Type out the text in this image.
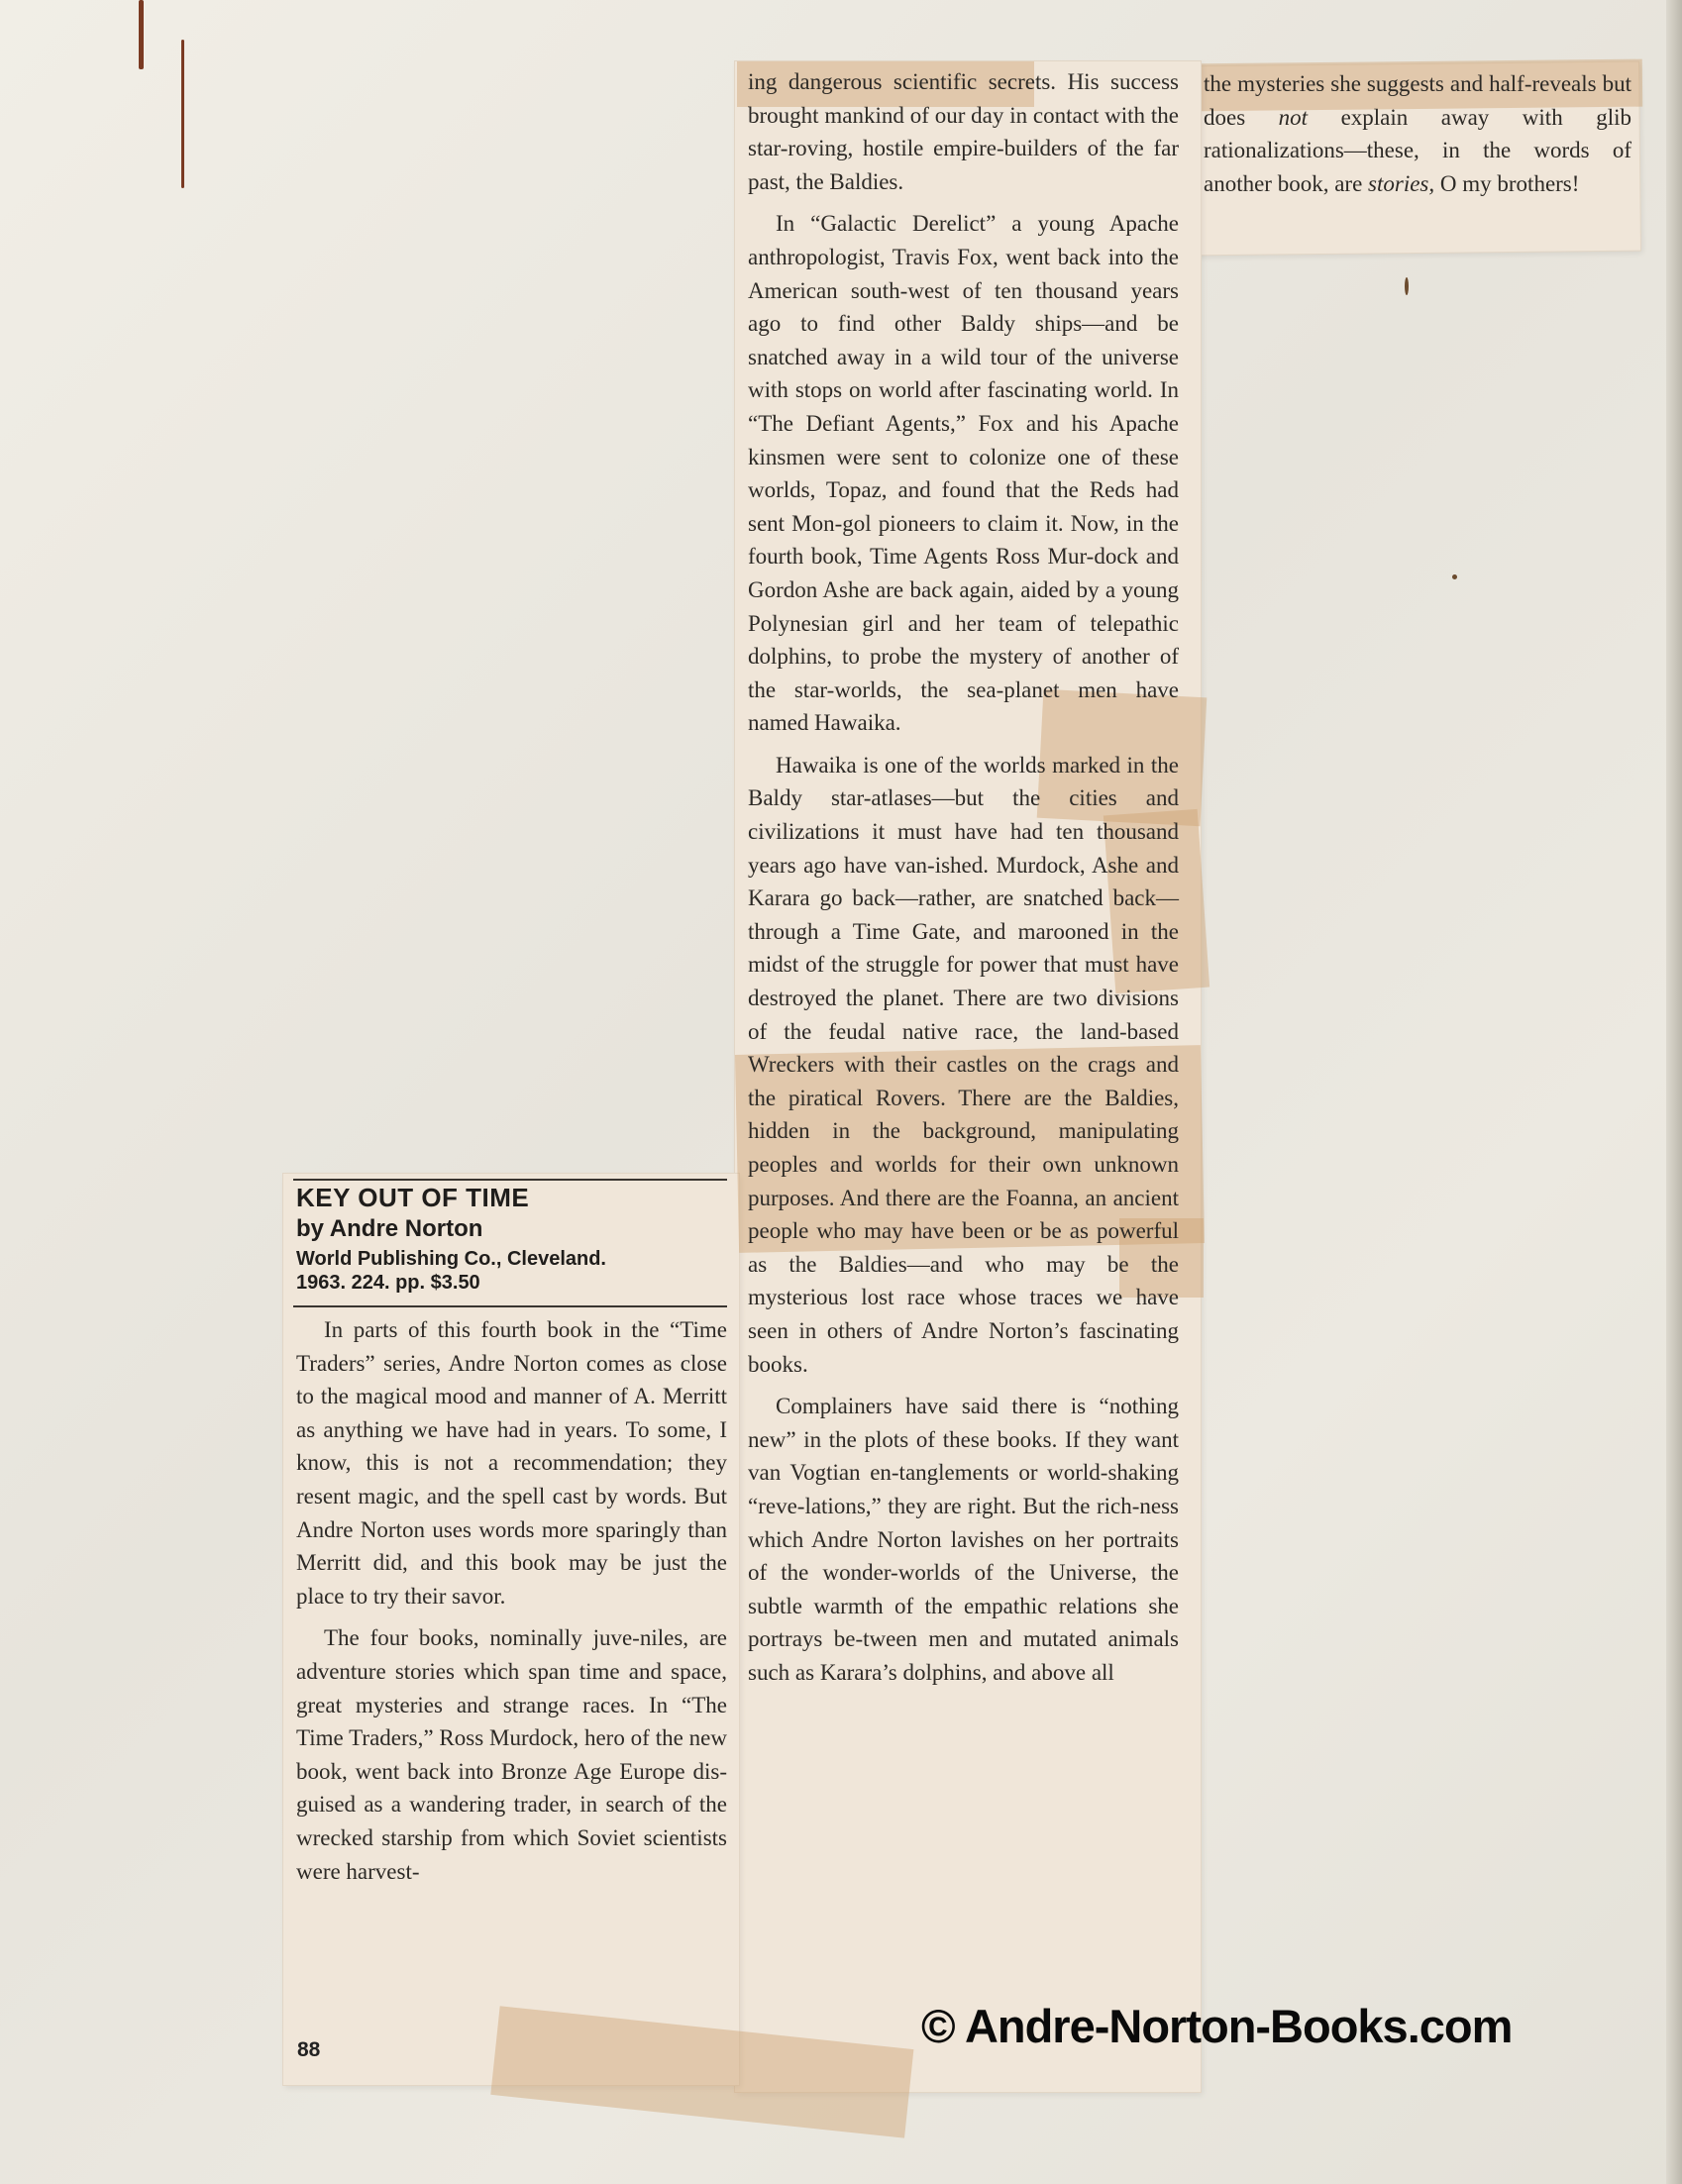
the mysteries she suggests and half-reveals but does not explain away with glib rationalizations—these, in the words of another book, are stories, O my brothers!

ing dangerous scientific secrets. His success brought mankind of our day in contact with the star-roving, hostile empire-builders of the far past, the Baldies.

In “Galactic Derelict” a young Apache anthropologist, Travis Fox, went back into the American south-west of ten thousand years ago to find other Baldy ships—and be snatched away in a wild tour of the universe with stops on world after fascinating world. In “The Defiant Agents,” Fox and his Apache kinsmen were sent to colonize one of these worlds, Topaz, and found that the Reds had sent Mon-gol pioneers to claim it. Now, in the fourth book, Time Agents Ross Mur-dock and Gordon Ashe are back again, aided by a young Polynesian girl and her team of telepathic dolphins, to probe the mystery of another of the star-worlds, the sea-planet men have named Hawaika.

Hawaika is one of the worlds marked in the Baldy star-atlases—but the cities and civilizations it must have had ten thousand years ago have van-ished. Murdock, Ashe and Karara go back—rather, are snatched back—through a Time Gate, and marooned in the midst of the struggle for power that must have destroyed the planet. There are two divisions of the feudal native race, the land-based Wreckers with their castles on the crags and the piratical Rovers. There are the Baldies, hidden in the background, manipulating peoples and worlds for their own unknown purposes. And there are the Foanna, an ancient people who may have been or be as powerful as the Baldies—and who may be the mysterious lost race whose traces we have seen in others of Andre Norton’s fascinating books.

Complainers have said there is “nothing new” in the plots of these books. If they want van Vogtian en-tanglements or world-shaking “reve-lations,” they are right. But the rich-ness which Andre Norton lavishes on her portraits of the wonder-worlds of the Universe, the subtle warmth of the empathic relations she portrays be-tween men and mutated animals such as Karara’s dolphins, and above all

KEY OUT OF TIME
by Andre Norton
World Publishing Co., Cleveland.
1963. 224. pp. $3.50

In parts of this fourth book in the “Time Traders” series, Andre Norton comes as close to the magical mood and manner of A. Merritt as anything we have had in years. To some, I know, this is not a recommendation; they resent magic, and the spell cast by words. But Andre Norton uses words more sparingly than Merritt did, and this book may be just the place to try their savor.

The four books, nominally juve-niles, are adventure stories which span time and space, great mysteries and strange races. In “The Time Traders,” Ross Murdock, hero of the new book, went back into Bronze Age Europe dis-guised as a wandering trader, in search of the wrecked starship from which Soviet scientists were harvest-

88	© Andre-Norton-Books.com
